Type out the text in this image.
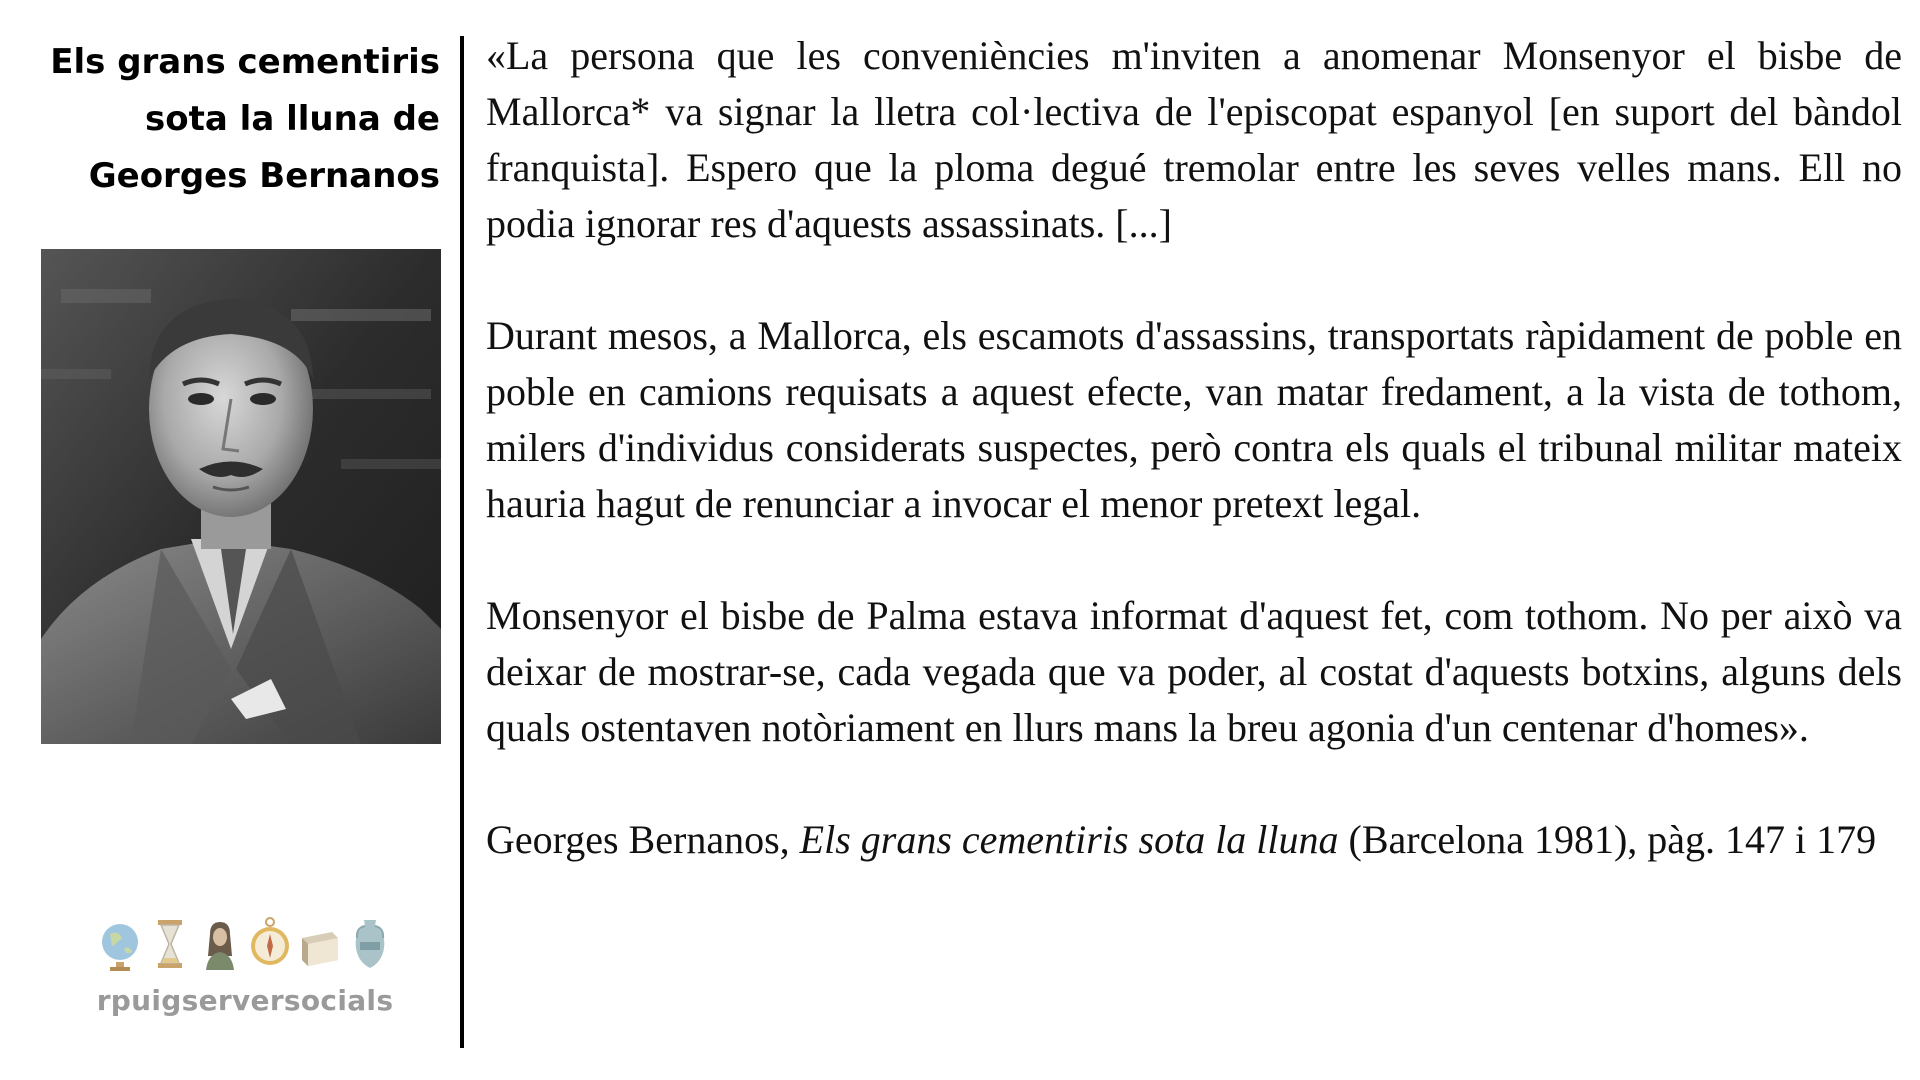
Els grans cementiris
sota la lluna de
Georges Bernanos
rpuigserversocials

«La persona que les conveniències m'inviten a anomenar Monsenyor el bisbe de Mallorca* va signar la lletra col·lectiva de l'episcopat espanyol [en suport del bàndol franquista]. Espero que la ploma degué tremolar entre les seves velles mans. Ell no podia ignorar res d'aquests assassinats. [...]

Durant mesos, a Mallorca, els escamots d'assassins, transportats ràpidament de poble en poble en camions requisats a aquest efecte, van matar fredament, a la vista de tothom, milers d'individus considerats suspectes, però contra els quals el tribunal militar mateix hauria hagut de renunciar a invocar el menor pretext legal.

Monsenyor el bisbe de Palma estava informat d'aquest fet, com tothom. No per això va deixar de mostrar-se, cada vegada que va poder, al costat d'aquests botxins, alguns dels quals ostentaven notòriament en llurs mans la breu agonia d'un centenar d'homes».

Georges Bernanos, Els grans cementiris sota la lluna (Barcelona 1981), pàg. 147 i 179
